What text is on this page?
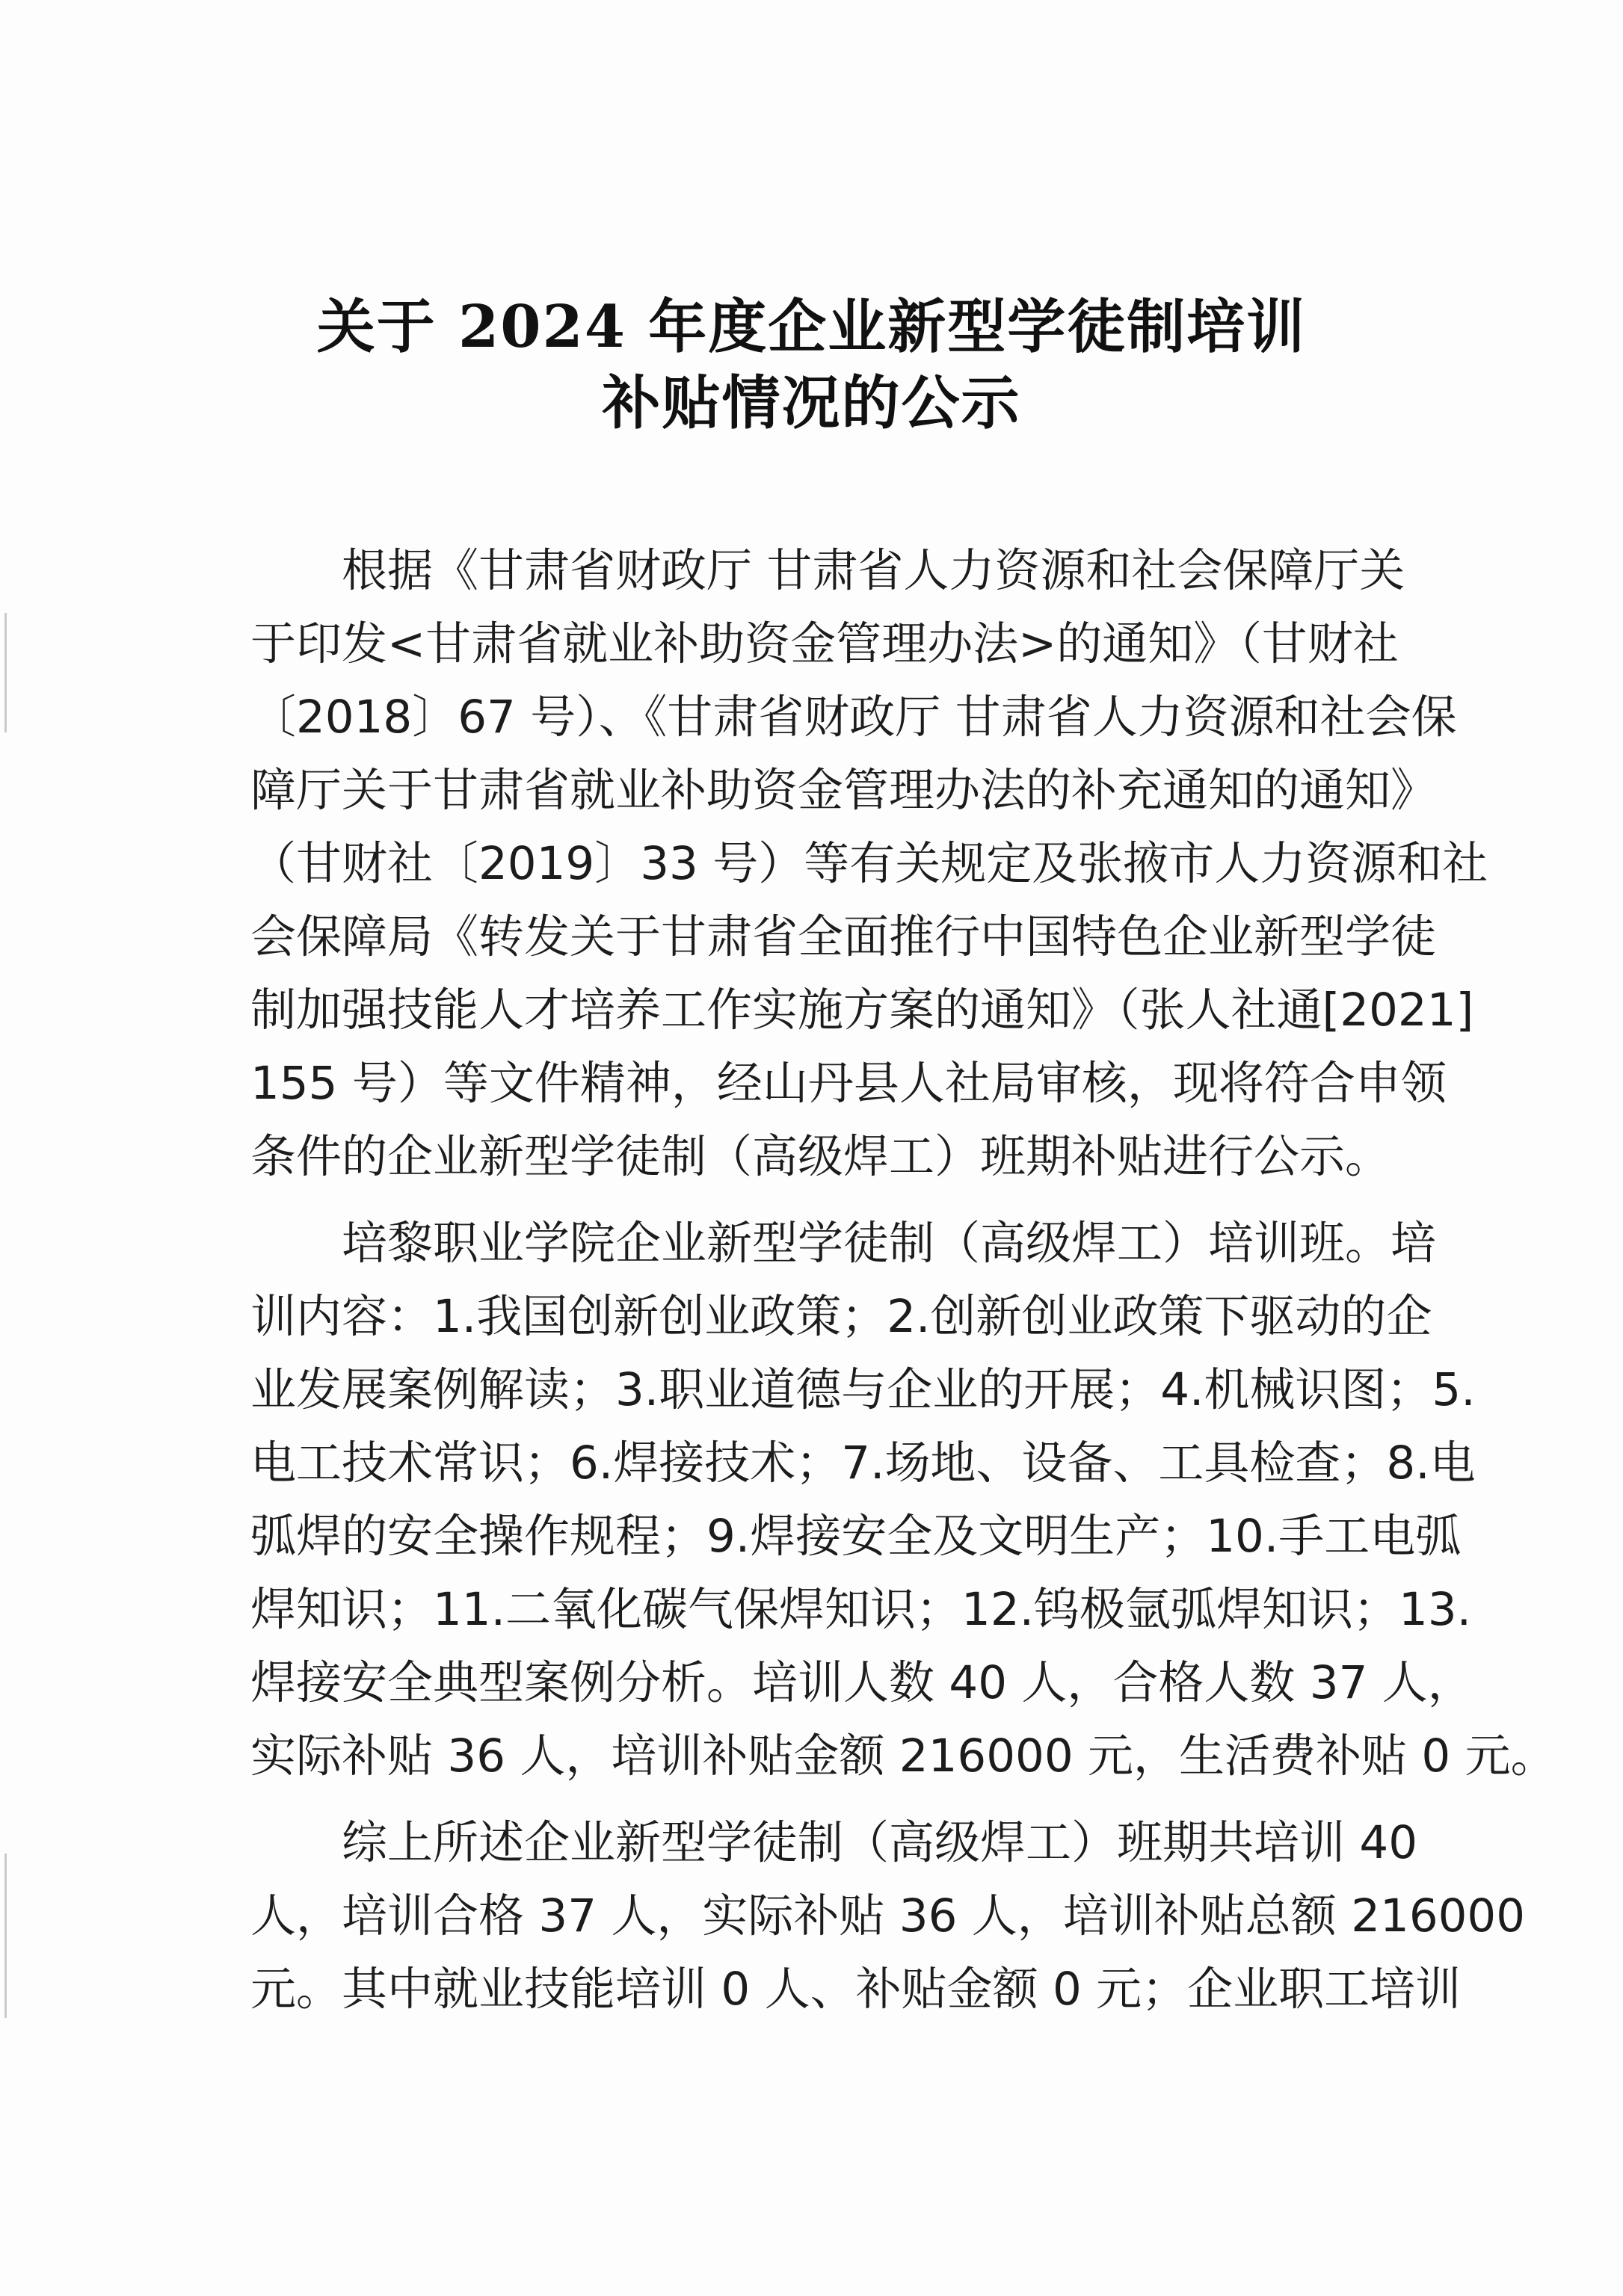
关于 2024 年度企业新型学徒制培训
补贴情况的公示
根据《甘肃省财政厅 甘肃省人力资源和社会保障厅关
于印发<甘肃省就业补助资金管理办法>的通知》（甘财社
〔2018〕67 号）、《甘肃省财政厅 甘肃省人力资源和社会保
障厅关于甘肃省就业补助资金管理办法的补充通知的通知》
（甘财社〔2019〕33 号）等有关规定及张掖市人力资源和社
会保障局《转发关于甘肃省全面推行中国特色企业新型学徒
制加强技能人才培养工作实施方案的通知》（张人社通[2021]
155 号）等文件精神，经山丹县人社局审核，现将符合申领
条件的企业新型学徒制（高级焊工）班期补贴进行公示。
培黎职业学院企业新型学徒制（高级焊工）培训班。培
训内容：1.我国创新创业政策；2.创新创业政策下驱动的企
业发展案例解读；3.职业道德与企业的开展；4.机械识图；5.
电工技术常识；6.焊接技术；7.场地、设备、工具检查；8.电
弧焊的安全操作规程；9.焊接安全及文明生产；10.手工电弧
焊知识；11.二氧化碳气保焊知识；12.钨极氩弧焊知识；13.
焊接安全典型案例分析。培训人数 40 人，合格人数 37 人，
实际补贴 36 人，培训补贴金额 216000 元，生活费补贴 0 元。
综上所述企业新型学徒制（高级焊工）班期共培训 40
人，培训合格 37 人，实际补贴 36 人，培训补贴总额 216000
元。其中就业技能培训 0 人、补贴金额 0 元；企业职工培训
